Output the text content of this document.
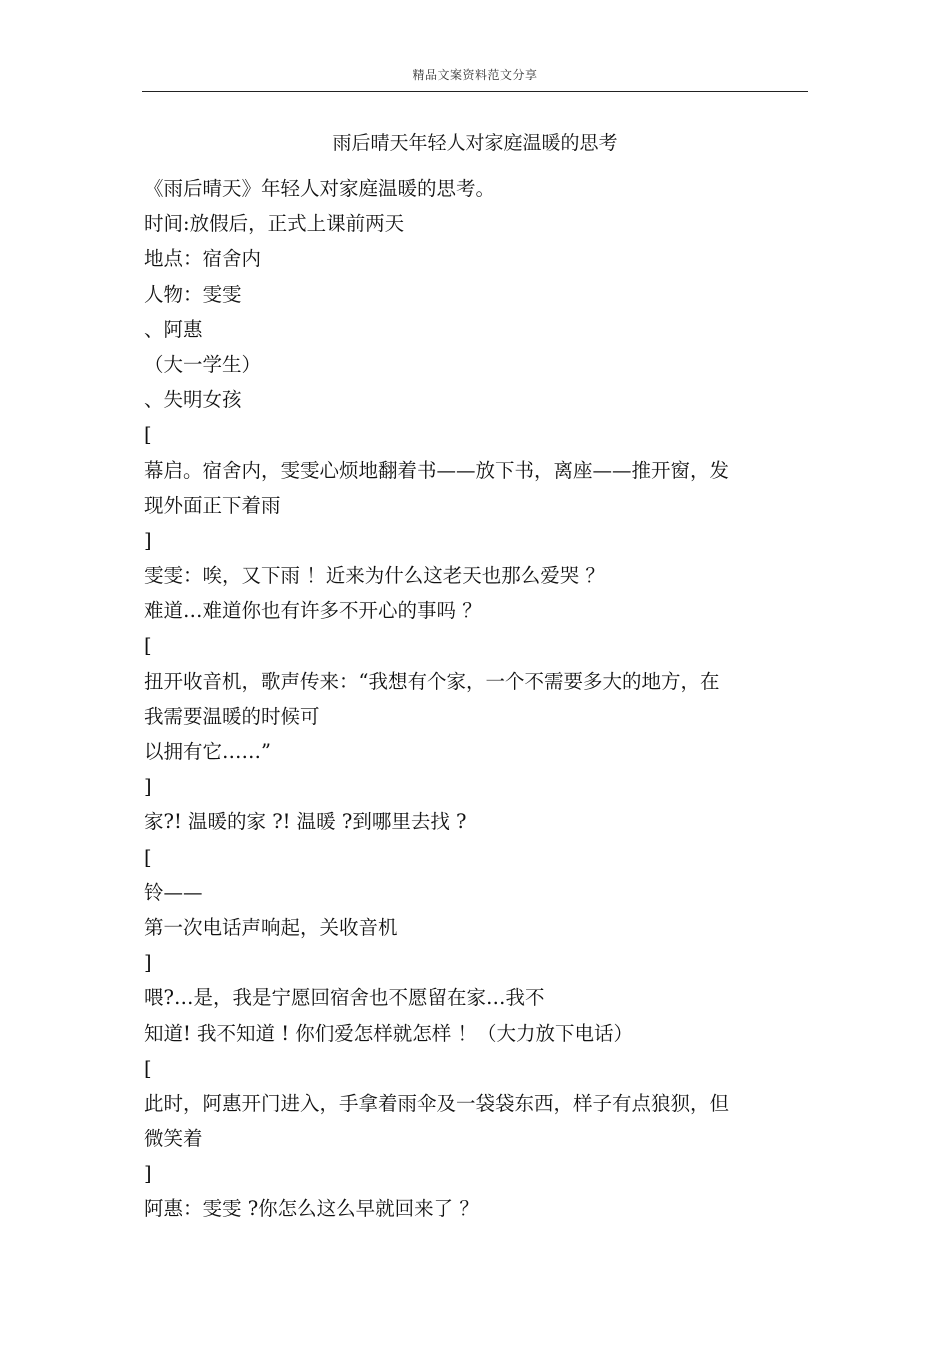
精品文案资料范文分享
雨后晴天年轻人对家庭温暖的思考
《雨后晴天》年轻人对家庭温暖的思考。
时间:放假后，正式上课前两天
地点：宿舍内
人物：雯雯
、阿惠
（大一学生）
、失明女孩
[
幕启。宿舍内，雯雯心烦地翻着书——放下书，离座——推开窗，发
现外面正下着雨
]
雯雯：唉，又下雨 ！近来为什么这老天也那么爱哭 ？
难道…难道你也有许多不开心的事吗 ？
[
扭开收音机，歌声传来：“我想有个家，一个不需要多大的地方，在
我需要温暖的时候可
以拥有它……”
]
家?! 温暖的家 ?! 温暖 ?到哪里去找 ?
[
铃——
第一次电话声响起，关收音机
]
喂?…是，我是宁愿回宿舍也不愿留在家…我不
知道! 我不知道 ! 你们爱怎样就怎样 ！（大力放下电话）
[
此时，阿惠开门进入，手拿着雨伞及一袋袋东西，样子有点狼狈，但
微笑着
]
阿惠：雯雯 ?你怎么这么早就回来了 ？
